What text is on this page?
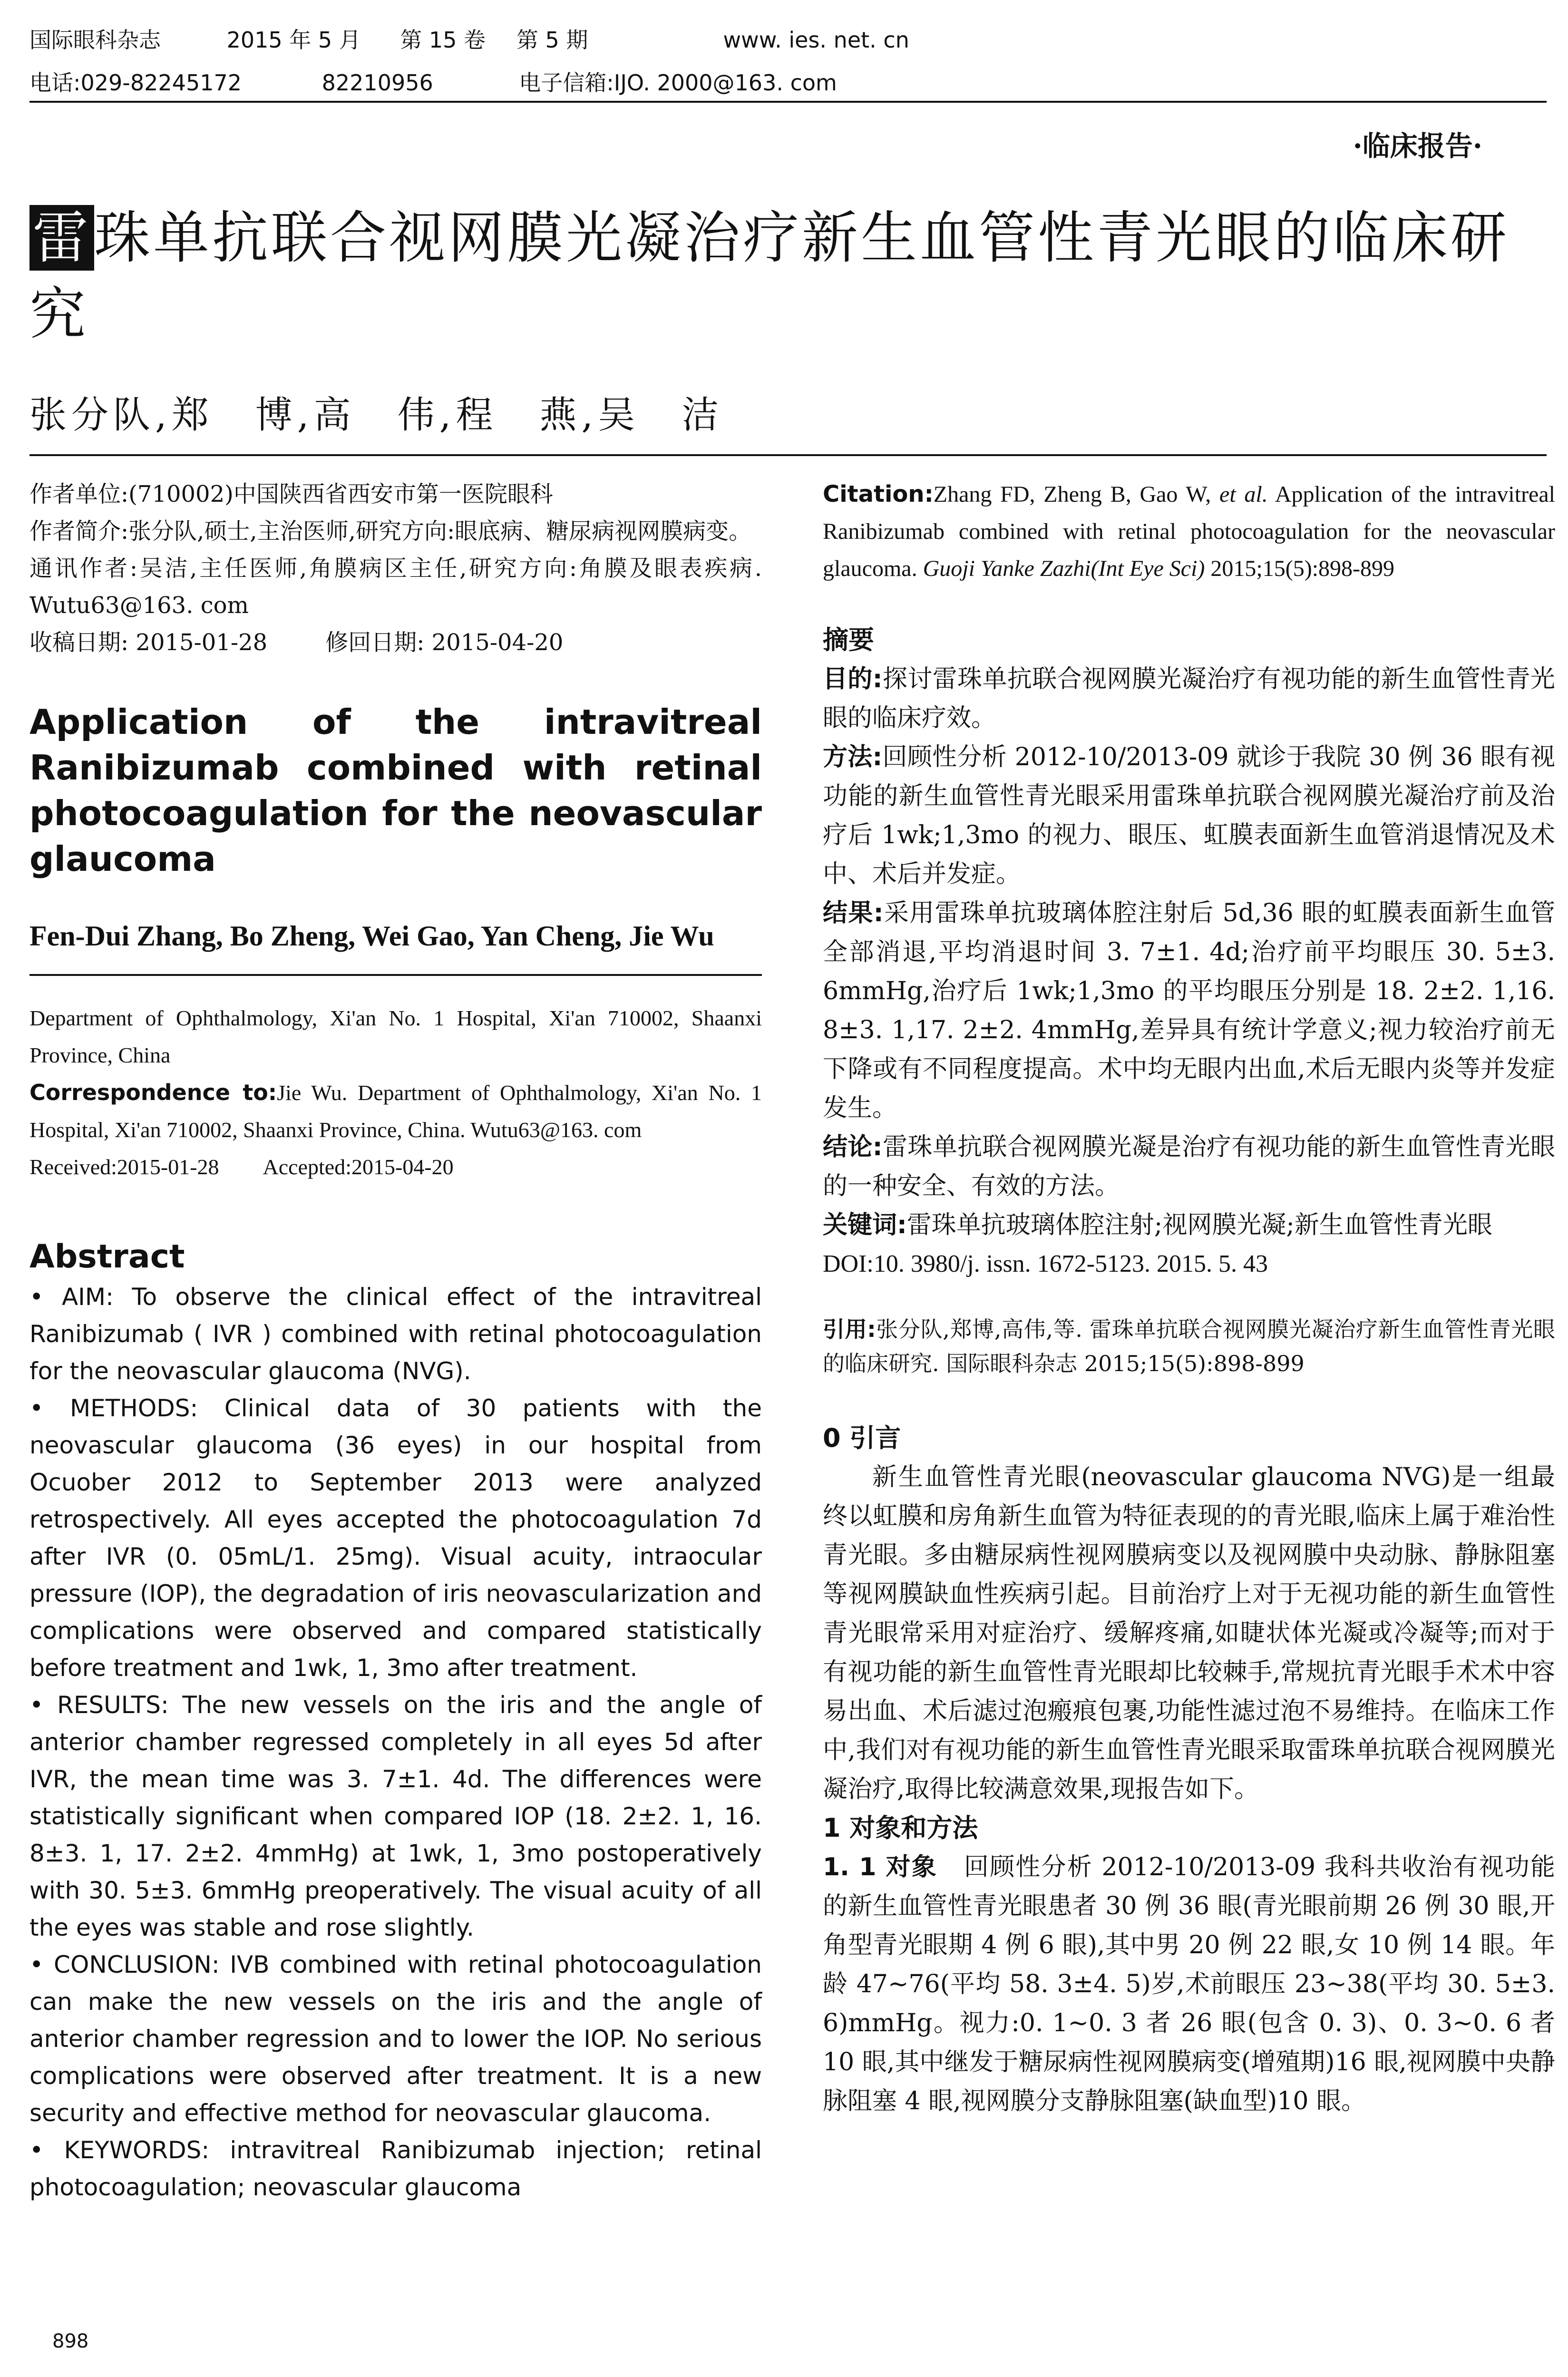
国际眼科杂志	2015 年 5 月 第 15 卷 第 5 期	www. ies. net. cn
电话:029-82245172	82210956	电子信箱:IJO. 2000@163. com
·临床报告·
雷珠单抗联合视网膜光凝治疗新生血管性青光眼的临床研究
张分队,郑　博,高　伟,程　燕,吴　洁

作者单位:(710002)中国陕西省西安市第一医院眼科

作者简介:张分队,硕士,主治医师,研究方向:眼底病、糖尿病视网膜病变。

通讯作者:吴洁,主任医师,角膜病区主任,研究方向:角膜及眼表疾病. Wutu63@163. com

收稿日期: 2015-01-28	修回日期: 2015-04-20

Application of the intravitreal Ranibizumab combined with retinal photocoagulation for the neovascular glaucoma
Fen-Dui Zhang, Bo Zheng, Wei Gao, Yan Cheng, Jie Wu

Department of Ophthalmology, Xi'an No. 1 Hospital, Xi'an 710002, Shaanxi Province, China

Correspondence to:Jie Wu. Department of Ophthalmology, Xi'an No. 1 Hospital, Xi'an 710002, Shaanxi Province, China. Wutu63@163. com

Received:2015-01-28 Accepted:2015-04-20

Abstract

• AIM: To observe the clinical effect of the intravitreal Ranibizumab ( IVR ) combined with retinal photocoagulation for the neovascular glaucoma (NVG).

• METHODS: Clinical data of 30 patients with the neovascular glaucoma (36 eyes) in our hospital from Ocuober 2012 to September 2013 were analyzed retrospectively. All eyes accepted the photocoagulation 7d after IVR (0. 05mL/1. 25mg). Visual acuity, intraocular pressure (IOP), the degradation of iris neovascularization and complications were observed and compared statistically before treatment and 1wk, 1, 3mo after treatment.

• RESULTS: The new vessels on the iris and the angle of anterior chamber regressed completely in all eyes 5d after IVR, the mean time was 3. 7±1. 4d. The differences were statistically significant when compared IOP (18. 2±2. 1, 16. 8±3. 1, 17. 2±2. 4mmHg) at 1wk, 1, 3mo postoperatively with 30. 5±3. 6mmHg preoperatively. The visual acuity of all the eyes was stable and rose slightly.

• CONCLUSION: IVB combined with retinal photocoagulation can make the new vessels on the iris and the angle of anterior chamber regression and to lower the IOP. No serious complications were observed after treatment. It is a new security and effective method for neovascular glaucoma.

• KEYWORDS: intravitreal Ranibizumab injection; retinal photocoagulation; neovascular glaucoma

Citation:Zhang FD, Zheng B, Gao W, et al. Application of the intravitreal Ranibizumab combined with retinal photocoagulation for the neovascular glaucoma. Guoji Yanke Zazhi(Int Eye Sci) 2015;15(5):898-899

摘要

目的:探讨雷珠单抗联合视网膜光凝治疗有视功能的新生血管性青光眼的临床疗效。

方法:回顾性分析 2012-10/2013-09 就诊于我院 30 例 36 眼有视功能的新生血管性青光眼采用雷珠单抗联合视网膜光凝治疗前及治疗后 1wk;1,3mo 的视力、眼压、虹膜表面新生血管消退情况及术中、术后并发症。

结果:采用雷珠单抗玻璃体腔注射后 5d,36 眼的虹膜表面新生血管全部消退,平均消退时间 3. 7±1. 4d;治疗前平均眼压 30. 5±3. 6mmHg,治疗后 1wk;1,3mo 的平均眼压分别是 18. 2±2. 1,16. 8±3. 1,17. 2±2. 4mmHg,差异具有统计学意义;视力较治疗前无下降或有不同程度提高。术中均无眼内出血,术后无眼内炎等并发症发生。

结论:雷珠单抗联合视网膜光凝是治疗有视功能的新生血管性青光眼的一种安全、有效的方法。

关键词:雷珠单抗玻璃体腔注射;视网膜光凝;新生血管性青光眼

DOI:10. 3980/j. issn. 1672-5123. 2015. 5. 43

引用:张分队,郑博,高伟,等. 雷珠单抗联合视网膜光凝治疗新生血管性青光眼的临床研究. 国际眼科杂志 2015;15(5):898-899

0 引言

新生血管性青光眼(neovascular glaucoma NVG)是一组最终以虹膜和房角新生血管为特征表现的的青光眼,临床上属于难治性青光眼。多由糖尿病性视网膜病变以及视网膜中央动脉、静脉阻塞等视网膜缺血性疾病引起。目前治疗上对于无视功能的新生血管性青光眼常采用对症治疗、缓解疼痛,如睫状体光凝或冷凝等;而对于有视功能的新生血管性青光眼却比较棘手,常规抗青光眼手术术中容易出血、术后滤过泡瘢痕包裹,功能性滤过泡不易维持。在临床工作中,我们对有视功能的新生血管性青光眼采取雷珠单抗联合视网膜光凝治疗,取得比较满意效果,现报告如下。

1 对象和方法

1. 1 对象 回顾性分析 2012-10/2013-09 我科共收治有视功能的新生血管性青光眼患者 30 例 36 眼(青光眼前期 26 例 30 眼,开角型青光眼期 4 例 6 眼),其中男 20 例 22 眼,女 10 例 14 眼。年龄 47~76(平均 58. 3±4. 5)岁,术前眼压 23~38(平均 30. 5±3. 6)mmHg。视力:0. 1~0. 3 者 26 眼(包含 0. 3)、0. 3~0. 6 者 10 眼,其中继发于糖尿病性视网膜病变(增殖期)16 眼,视网膜中央静脉阻塞 4 眼,视网膜分支静脉阻塞(缺血型)10 眼。

898
